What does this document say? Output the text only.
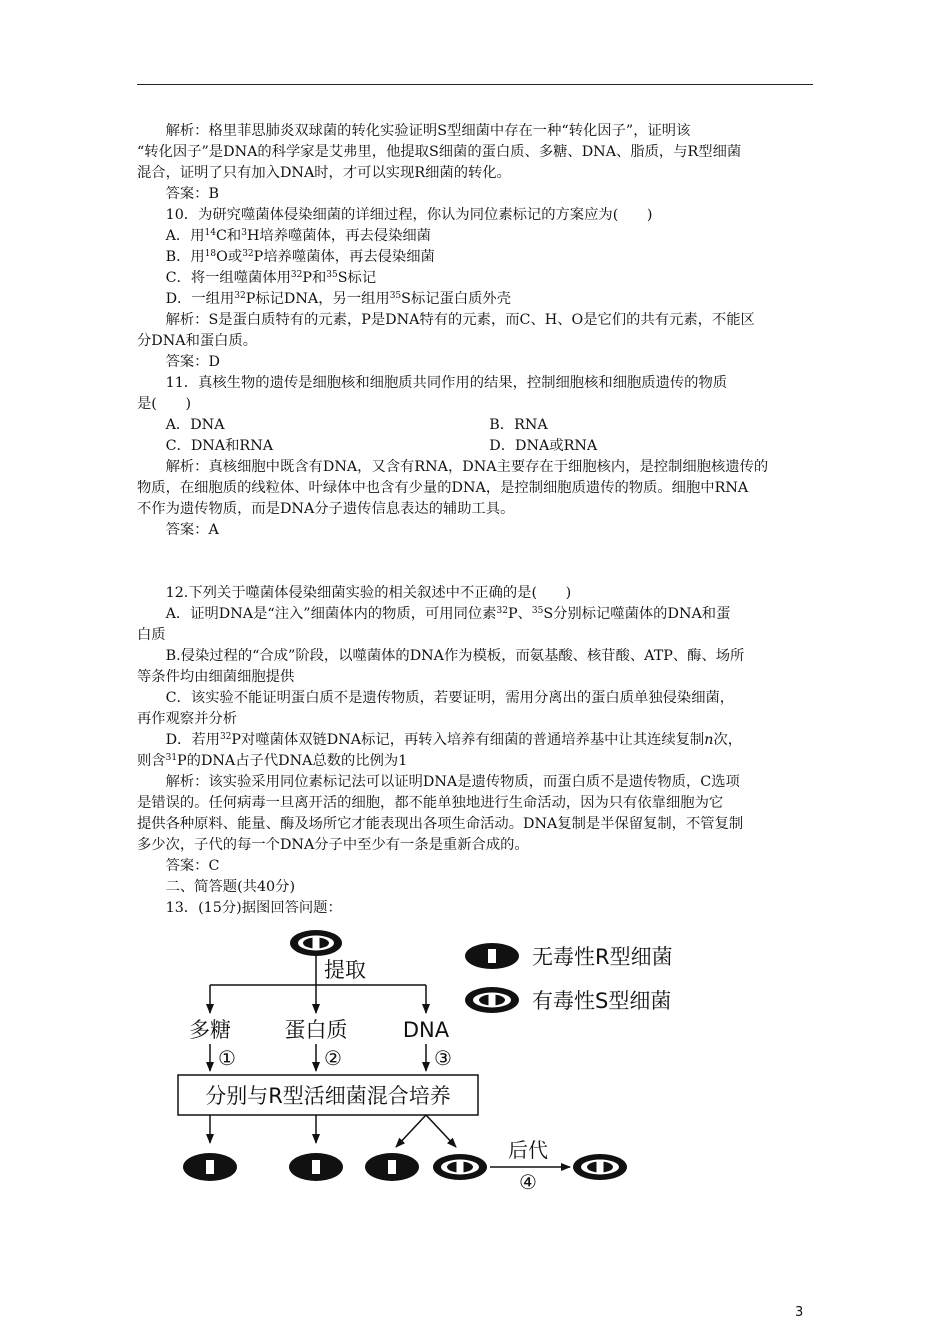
解析：格里菲思肺炎双球菌的转化实验证明S型细菌中存在一种“转化因子”，证明该

“转化因子”是DNA的科学家是艾弗里，他提取S细菌的蛋白质、多糖、DNA、脂质，与R型细菌

混合，证明了只有加入DNA时，才可以实现R细菌的转化。

答案：B

10．为研究噬菌体侵染细菌的详细过程，你认为同位素标记的方案应为(　　)

A．用$^{14}$C和$^3$H培养噬菌体，再去侵染细菌

B．用$^{18}$O或$^{32}$P培养噬菌体，再去侵染细菌

C．将一组噬菌体用$^{32}$P和$^{35}$S标记

D．一组用$^{32}$P标记DNA，另一组用$^{35}$S标记蛋白质外壳

解析：S是蛋白质特有的元素，P是DNA特有的元素，而C、H、O是它们的共有元素，不能区

分DNA和蛋白质。

答案：D

11．真核生物的遗传是细胞核和细胞质共同作用的结果，控制细胞核和细胞质遗传的物质

是(　　)

A．DNA	B．RNA
C．DNA和RNA	D．DNA或RNA

解析：真核细胞中既含有DNA，又含有RNA，DNA主要存在于细胞核内，是控制细胞核遗传的

物质，在细胞质的线粒体、叶绿体中也含有少量的DNA，是控制细胞质遗传的物质。细胞中RNA

不作为遗传物质，而是DNA分子遗传信息表达的辅助工具。

答案：A

12.下列关于噬菌体侵染细菌实验的相关叙述中不正确的是(　　)

A．证明DNA是“注入”细菌体内的物质，可用同位素$^{32}$P、$^{35}$S分别标记噬菌体的DNA和蛋

白质

B.侵染过程的“合成”阶段，以噬菌体的DNA作为模板，而氨基酸、核苷酸、ATP、酶、场所

等条件均由细菌细胞提供

C．该实验不能证明蛋白质不是遗传物质，若要证明，需用分离出的蛋白质单独侵染细菌，

再作观察并分析

D．若用$^{32}$P对噬菌体双链DNA标记，再转入培养有细菌的普通培养基中让其连续复制n次，

则含$^{31}$P的DNA占子代DNA总数的比例为1

解析：该实验采用同位素标记法可以证明DNA是遗传物质，而蛋白质不是遗传物质，C选项

是错误的。任何病毒一旦离开活的细胞，都不能单独地进行生命活动，因为只有依靠细胞为它

提供各种原料、能量、酶及场所它才能表现出各项生命活动。DNA复制是半保留复制，不管复制

多少次，子代的每一个DNA分子中至少有一条是重新合成的。

答案：C

二、简答题(共40分)

13．(15分)据图回答问题：

提取
多糖	蛋白质	DNA
①	②	③
分别与R型活细菌混合培养
后代
④
无毒性R型细菌
有毒性S型细菌
3
